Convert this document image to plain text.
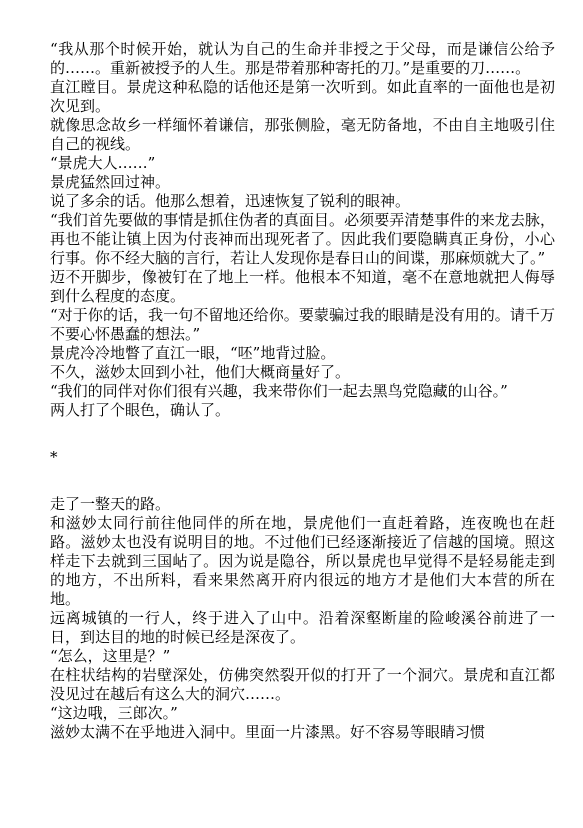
“我从那个时候开始，就认为自己的生命并非授之于父母，而是谦信公给予的……。重新被授予的人生。那是带着那种寄托的刀。”是重要的刀……。

直江瞠目。景虎这种私隐的话他还是第一次听到。如此直率的一面他也是初次见到。

就像思念故乡一样缅怀着谦信，那张侧脸，毫无防备地，不由自主地吸引住自己的视线。

“景虎大人……”

景虎猛然回过神。

说了多余的话。他那么想着，迅速恢复了锐利的眼神。

“我们首先要做的事情是抓住伪者的真面目。必须要弄清楚事件的来龙去脉，再也不能让镇上因为付丧神而出现死者了。因此我们要隐瞒真正身份，小心行事。你不经大脑的言行，若让人发现你是春日山的间谍，那麻烦就大了。”

迈不开脚步，像被钉在了地上一样。他根本不知道，毫不在意地就把人侮辱到什么程度的态度。

“对于你的话，我一句不留地还给你。要蒙骗过我的眼睛是没有用的。请千万不要心怀愚蠢的想法。”

景虎冷冷地瞥了直江一眼，“呸”地背过脸。

不久，滋妙太回到小社，他们大概商量好了。

“我们的同伴对你们很有兴趣，我来带你们一起去黑鸟党隐藏的山谷。”

两人打了个眼色，确认了。

*

走了一整天的路。

和滋妙太同行前往他同伴的所在地，景虎他们一直赶着路，连夜晚也在赶路。滋妙太也没有说明目的地。不过他们已经逐渐接近了信越的国境。照这样走下去就到三国岾了。因为说是隐谷，所以景虎也早觉得不是轻易能走到的地方，不出所料，看来果然离开府内很远的地方才是他们大本营的所在地。

远离城镇的一行人，终于进入了山中。沿着深壑断崖的险峻溪谷前进了一日，到达目的地的时候已经是深夜了。

“怎么，这里是？”

在柱状结构的岩壁深处，仿佛突然裂开似的打开了一个洞穴。景虎和直江都没见过在越后有这么大的洞穴……。

“这边哦，三郎次。”

滋妙太满不在乎地进入洞中。里面一片漆黑。好不容易等眼睛习惯
